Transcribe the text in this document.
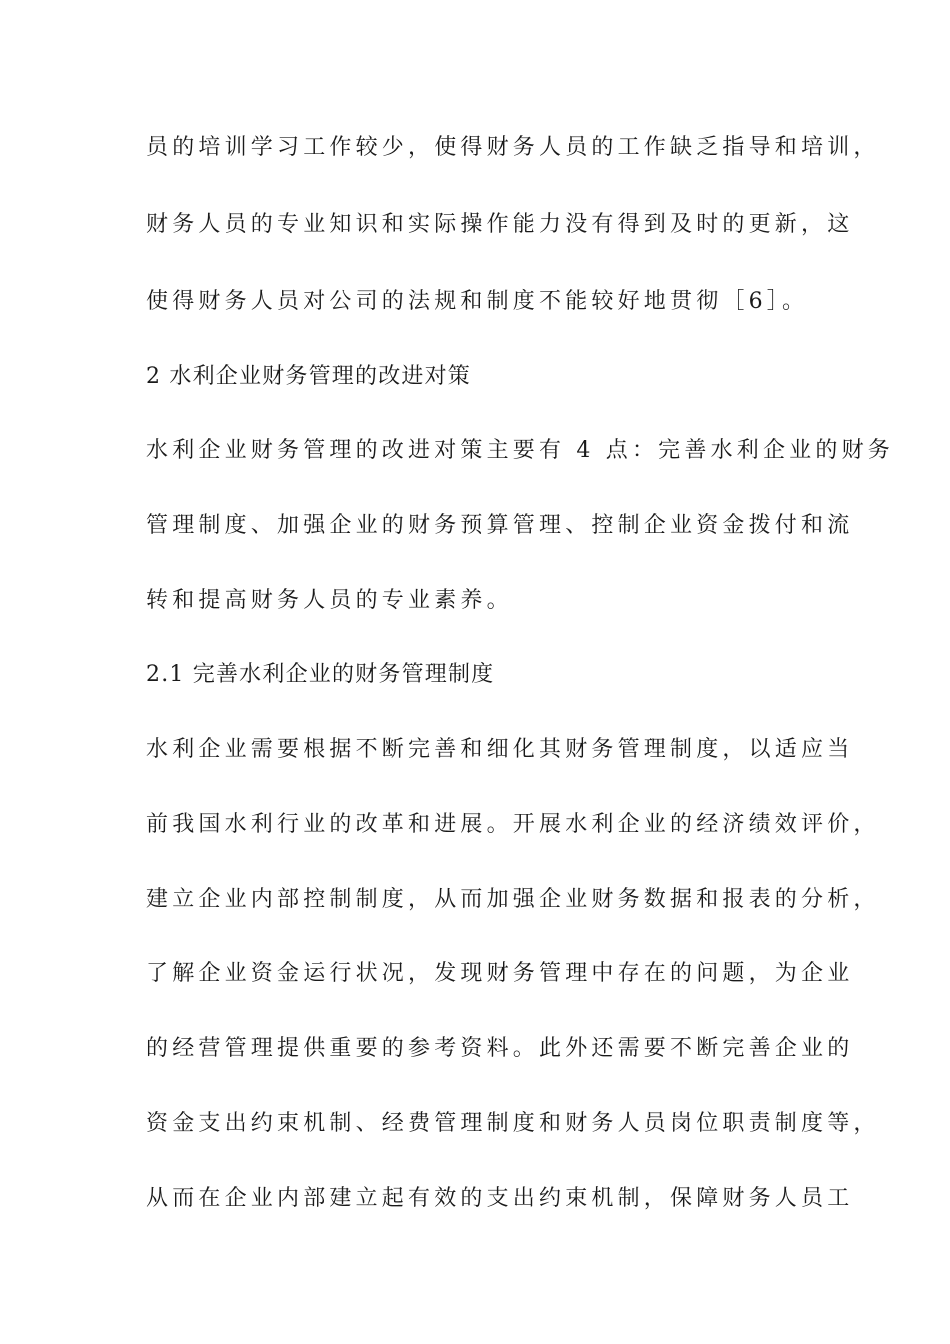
员的培训学习工作较少，使得财务人员的工作缺乏指导和培训，
财务人员的专业知识和实际操作能力没有得到及时的更新，这
使得财务人员对公司的法规和制度不能较好地贯彻［6］。
2 水利企业财务管理的改进对策
水利企业财务管理的改进对策主要有 4 点：完善水利企业的财务
管理制度、加强企业的财务预算管理、控制企业资金拨付和流
转和提高财务人员的专业素养。
2.1 完善水利企业的财务管理制度
水利企业需要根据不断完善和细化其财务管理制度，以适应当
前我国水利行业的改革和进展。开展水利企业的经济绩效评价，
建立企业内部控制制度，从而加强企业财务数据和报表的分析，
了解企业资金运行状况，发现财务管理中存在的问题，为企业
的经营管理提供重要的参考资料。此外还需要不断完善企业的
资金支出约束机制、经费管理制度和财务人员岗位职责制度等，
从而在企业内部建立起有效的支出约束机制，保障财务人员工
